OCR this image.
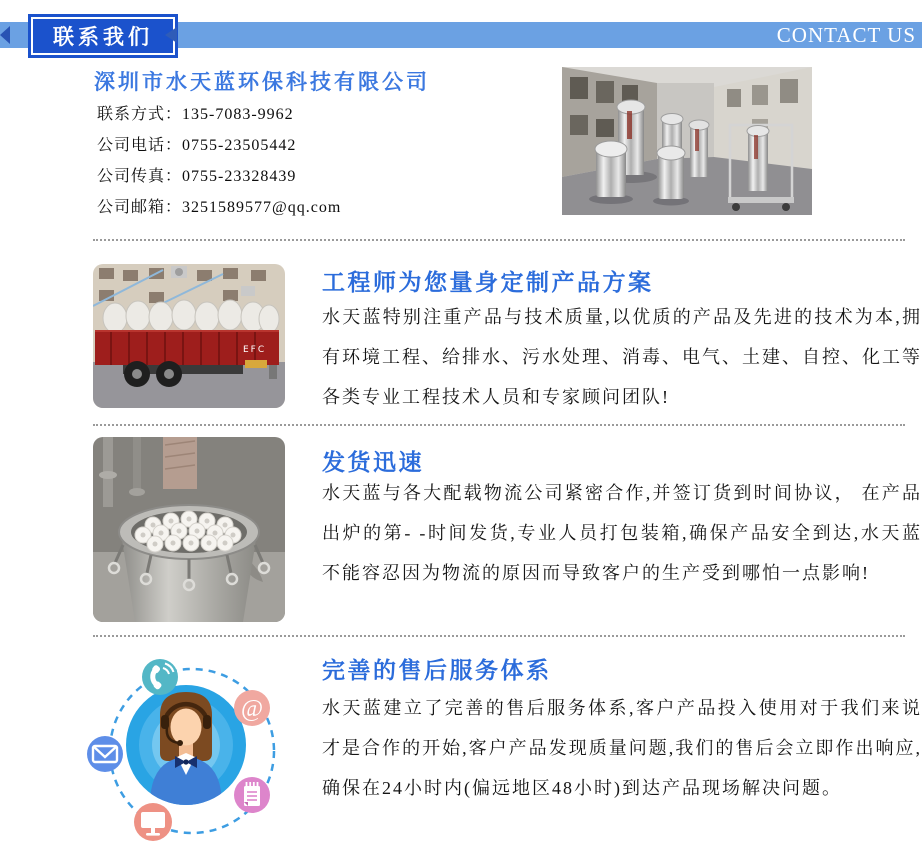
联系我们	CONTACT US
深圳市水天蓝环保科技有限公司
联系方式：135-7083-9962
公司电话：0755-23505442
公司传真：0755-23328439
公司邮箱：3251589577@qq.com
EFC
工程师为您量身定制产品方案
水天蓝特别注重产品与技术质量,以优质的产品及先进的技术为本,拥有环境工程、给排水、污水处理、消毒、电气、土建、自控、化工等各类专业工程技术人员和专家顾问团队!
发货迅速
水天蓝与各大配载物流公司紧密合作,并签订货到时间协议， 在产品出炉的第- -时间发货,专业人员打包装箱,确保产品安全到达,水天蓝不能容忍因为物流的原因而导致客户的生产受到哪怕一点影响!
@
完善的售后服务体系
水天蓝建立了完善的售后服务体系,客户产品投入使用对于我们来说才是合作的开始,客户产品发现质量问题,我们的售后会立即作出响应,确保在24小时内(偏远地区48小时)到达产品现场解决问题。
